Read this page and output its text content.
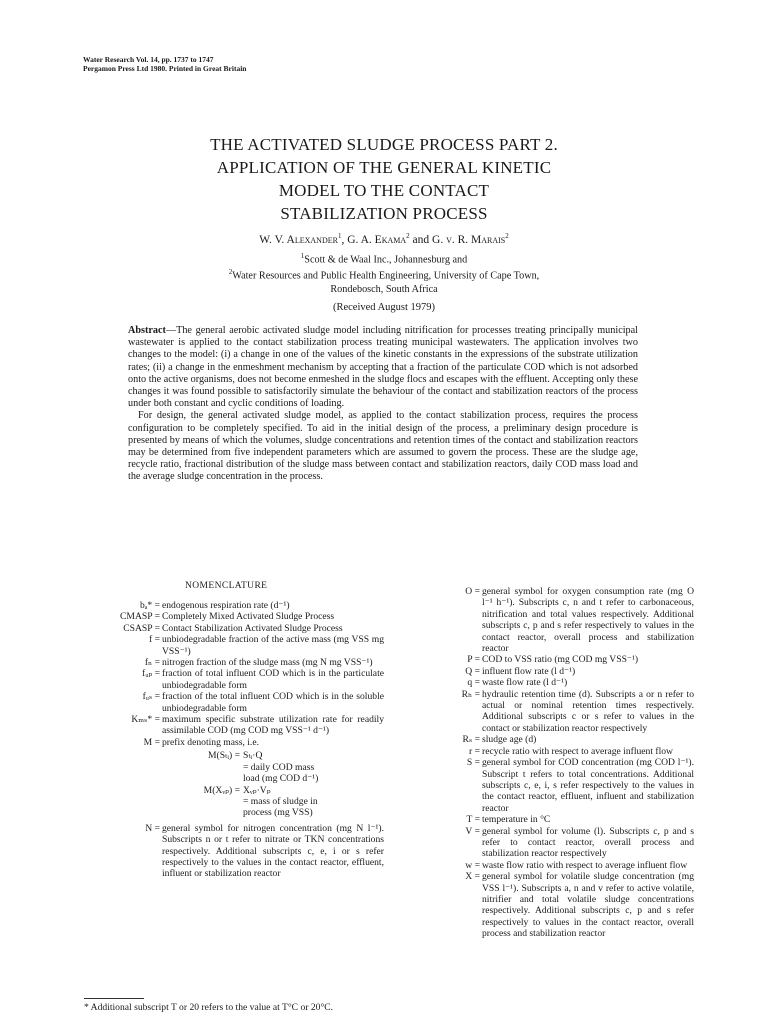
Water Research Vol. 14, pp. 1737 to 1747
Pergamon Press Ltd 1980. Printed in Great Britain
THE ACTIVATED SLUDGE PROCESS PART 2.
APPLICATION OF THE GENERAL KINETIC
MODEL TO THE CONTACT
STABILIZATION PROCESS
W. V. Alexander$^1$, G. A. Ekama$^2$ and G. v. R. Marais$^2$
$^1$Scott & de Waal Inc., Johannesburg and
$^2$Water Resources and Public Health Engineering, University of Cape Town,
Rondebosch, South Africa
(Received August 1979)

Abstract—The general aerobic activated sludge model including nitrification for processes treating principally municipal wastewater is applied to the contact stabilization process treating municipal wastewaters. The application involves two changes to the model: (i) a change in one of the values of the kinetic constants in the expressions of the substrate utilization rates; (ii) a change in the enmeshment mechanism by accepting that a fraction of the particulate COD which is not adsorbed onto the active organisms, does not become enmeshed in the sludge flocs and escapes with the effluent. Accepting only these changes it was found possible to satisfactorily simulate the behaviour of the contact and stabilization reactors of the process under both constant and cyclic conditions of loading.

For design, the general activated sludge model, as applied to the contact stabilization process, requires the process configuration to be completely specified. To aid in the initial design of the process, a preliminary design procedure is presented by means of which the volumes, sludge concentrations and retention times of the contact and stabilization reactors may be determined from five independent parameters which are assumed to govern the process. These are the sludge age, recycle ratio, fractional distribution of the sludge mass between contact and stabilization reactors, daily COD mass load and the average sludge concentration in the process.

NOMENCLATURE
bₐ* = endogenous respiration rate (d⁻¹)
CMASP = Completely Mixed Activated Sludge Process
CSASP = Contact Stabilization Activated Sludge Process
f = unbiodegradable fraction of the active mass (mg VSS mg VSS⁻¹)
fₙ = nitrogen fraction of the sludge mass (mg N mg VSS⁻¹)
fᵤₚ = fraction of total influent COD which is in the particulate unbiodegradable form
fᵤₛ = fraction of the total influent COD which is in the soluble unbiodegradable form
Kₘₛ* = maximum specific substrate utilization rate for readily assimilable COD (mg COD mg VSS⁻¹ d⁻¹)
M = prefix denoting mass, i.e.
M(Sₜᵢ) = Sₜᵢ·Q
= daily COD mass load (mg COD d⁻¹)
M(Xᵥₚ) = Xᵥₚ·Vₚ
= mass of sludge in process (mg VSS)
N = general symbol for nitrogen concentration (mg N l⁻¹). Subscripts n or t refer to nitrate or TKN concentrations respectively. Additional subscripts c, e, i or s refer respectively to the values in the contact reactor, effluent, influent or stabilization reactor
O = general symbol for oxygen consumption rate (mg O l⁻¹ h⁻¹). Subscripts c, n and t refer to carbonaceous, nitrification and total values respectively. Additional subscripts c, p and s refer respectively to values in the contact reactor, overall process and stabilization reactor
P = COD to VSS ratio (mg COD mg VSS⁻¹)
Q = influent flow rate (l d⁻¹)
q = waste flow rate (l d⁻¹)
Rₕ = hydraulic retention time (d). Subscripts a or n refer to actual or nominal retention times respectively. Additional subscripts c or s refer to values in the contact or stabilization reactor respectively
Rₛ = sludge age (d)
r = recycle ratio with respect to average influent flow
S = general symbol for COD concentration (mg COD l⁻¹). Subscript t refers to total concentrations. Additional subscripts c, e, i, s refer respectively to the values in the contact reactor, effluent, influent and stabilization reactor
T = temperature in °C
V = general symbol for volume (l). Subscripts c, p and s refer to contact reactor, overall process and stabilization reactor respectively
w = waste flow ratio with respect to average influent flow
X = general symbol for volatile sludge concentration (mg VSS l⁻¹). Subscripts a, n and v refer to active volatile, nitrifier and total volatile sludge concentrations respectively. Additional subscripts c, p and s refer respectively to values in the contact reactor, overall process and stabilization reactor
* Additional subscript T or 20 refers to the value at T°C or 20°C.
